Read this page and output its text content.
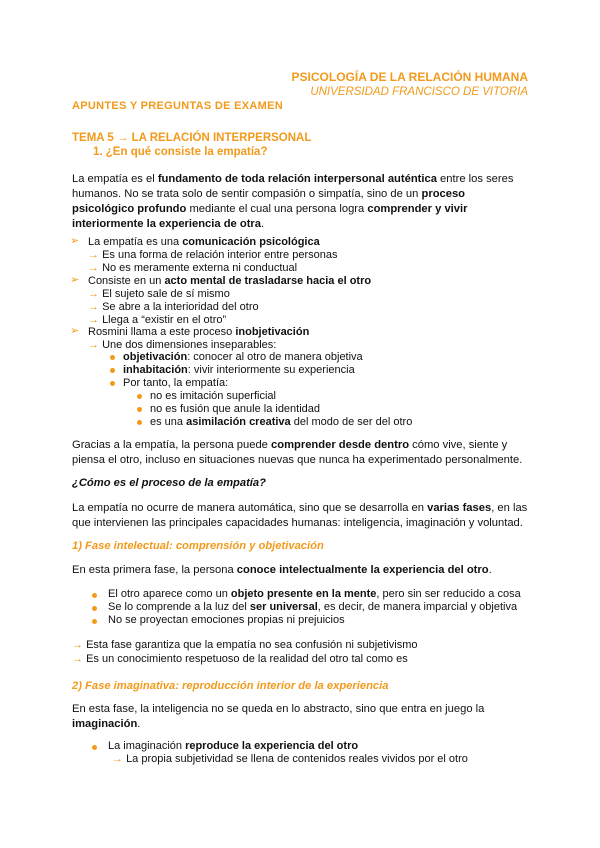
PSICOLOGÍA DE LA RELACIÓN HUMANA
UNIVERSIDAD FRANCISCO DE VITORIA
APUNTES Y PREGUNTAS DE EXAMEN
TEMA 5 → LA RELACIÓN INTERPERSONAL
1. ¿En qué consiste la empatía?
La empatía es el fundamento de toda relación interpersonal auténtica entre los seres humanos. No se trata solo de sentir compasión o simpatía, sino de un proceso psicológico profundo mediante el cual una persona logra comprender y vivir interiormente la experiencia de otra.
➢ La empatía es una comunicación psicológica
→ Es una forma de relación interior entre personas
→ No es meramente externa ni conductual
➢ Consiste en un acto mental de trasladarse hacia el otro
→ El sujeto sale de sí mismo
→ Se abre a la interioridad del otro
→ Llega a “existir en el otro”
➢ Rosmini llama a este proceso inobjetivación
→ Une dos dimensiones inseparables:
objetivación: conocer al otro de manera objetiva
inhabitación: vivir interiormente su experiencia
Por tanto, la empatía:
no es imitación superficial
no es fusión que anule la identidad
es una asimilación creativa del modo de ser del otro
Gracias a la empatía, la persona puede comprender desde dentro cómo vive, siente y piensa el otro, incluso en situaciones nuevas que nunca ha experimentado personalmente.
¿Cómo es el proceso de la empatía?
La empatía no ocurre de manera automática, sino que se desarrolla en varias fases, en las que intervienen las principales capacidades humanas: inteligencia, imaginación y voluntad.
1) Fase intelectual: comprensión y objetivación
En esta primera fase, la persona conoce intelectualmente la experiencia del otro.
El otro aparece como un objeto presente en la mente, pero sin ser reducido a cosa
Se lo comprende a la luz del ser universal, es decir, de manera imparcial y objetiva
No se proyectan emociones propias ni prejuicios
→ Esta fase garantiza que la empatía no sea confusión ni subjetivismo
→ Es un conocimiento respetuoso de la realidad del otro tal como es
2) Fase imaginativa: reproducción interior de la experiencia
En esta fase, la inteligencia no se queda en lo abstracto, sino que entra en juego la imaginación.
La imaginación reproduce la experiencia del otro
→ La propia subjetividad se llena de contenidos reales vividos por el otro
